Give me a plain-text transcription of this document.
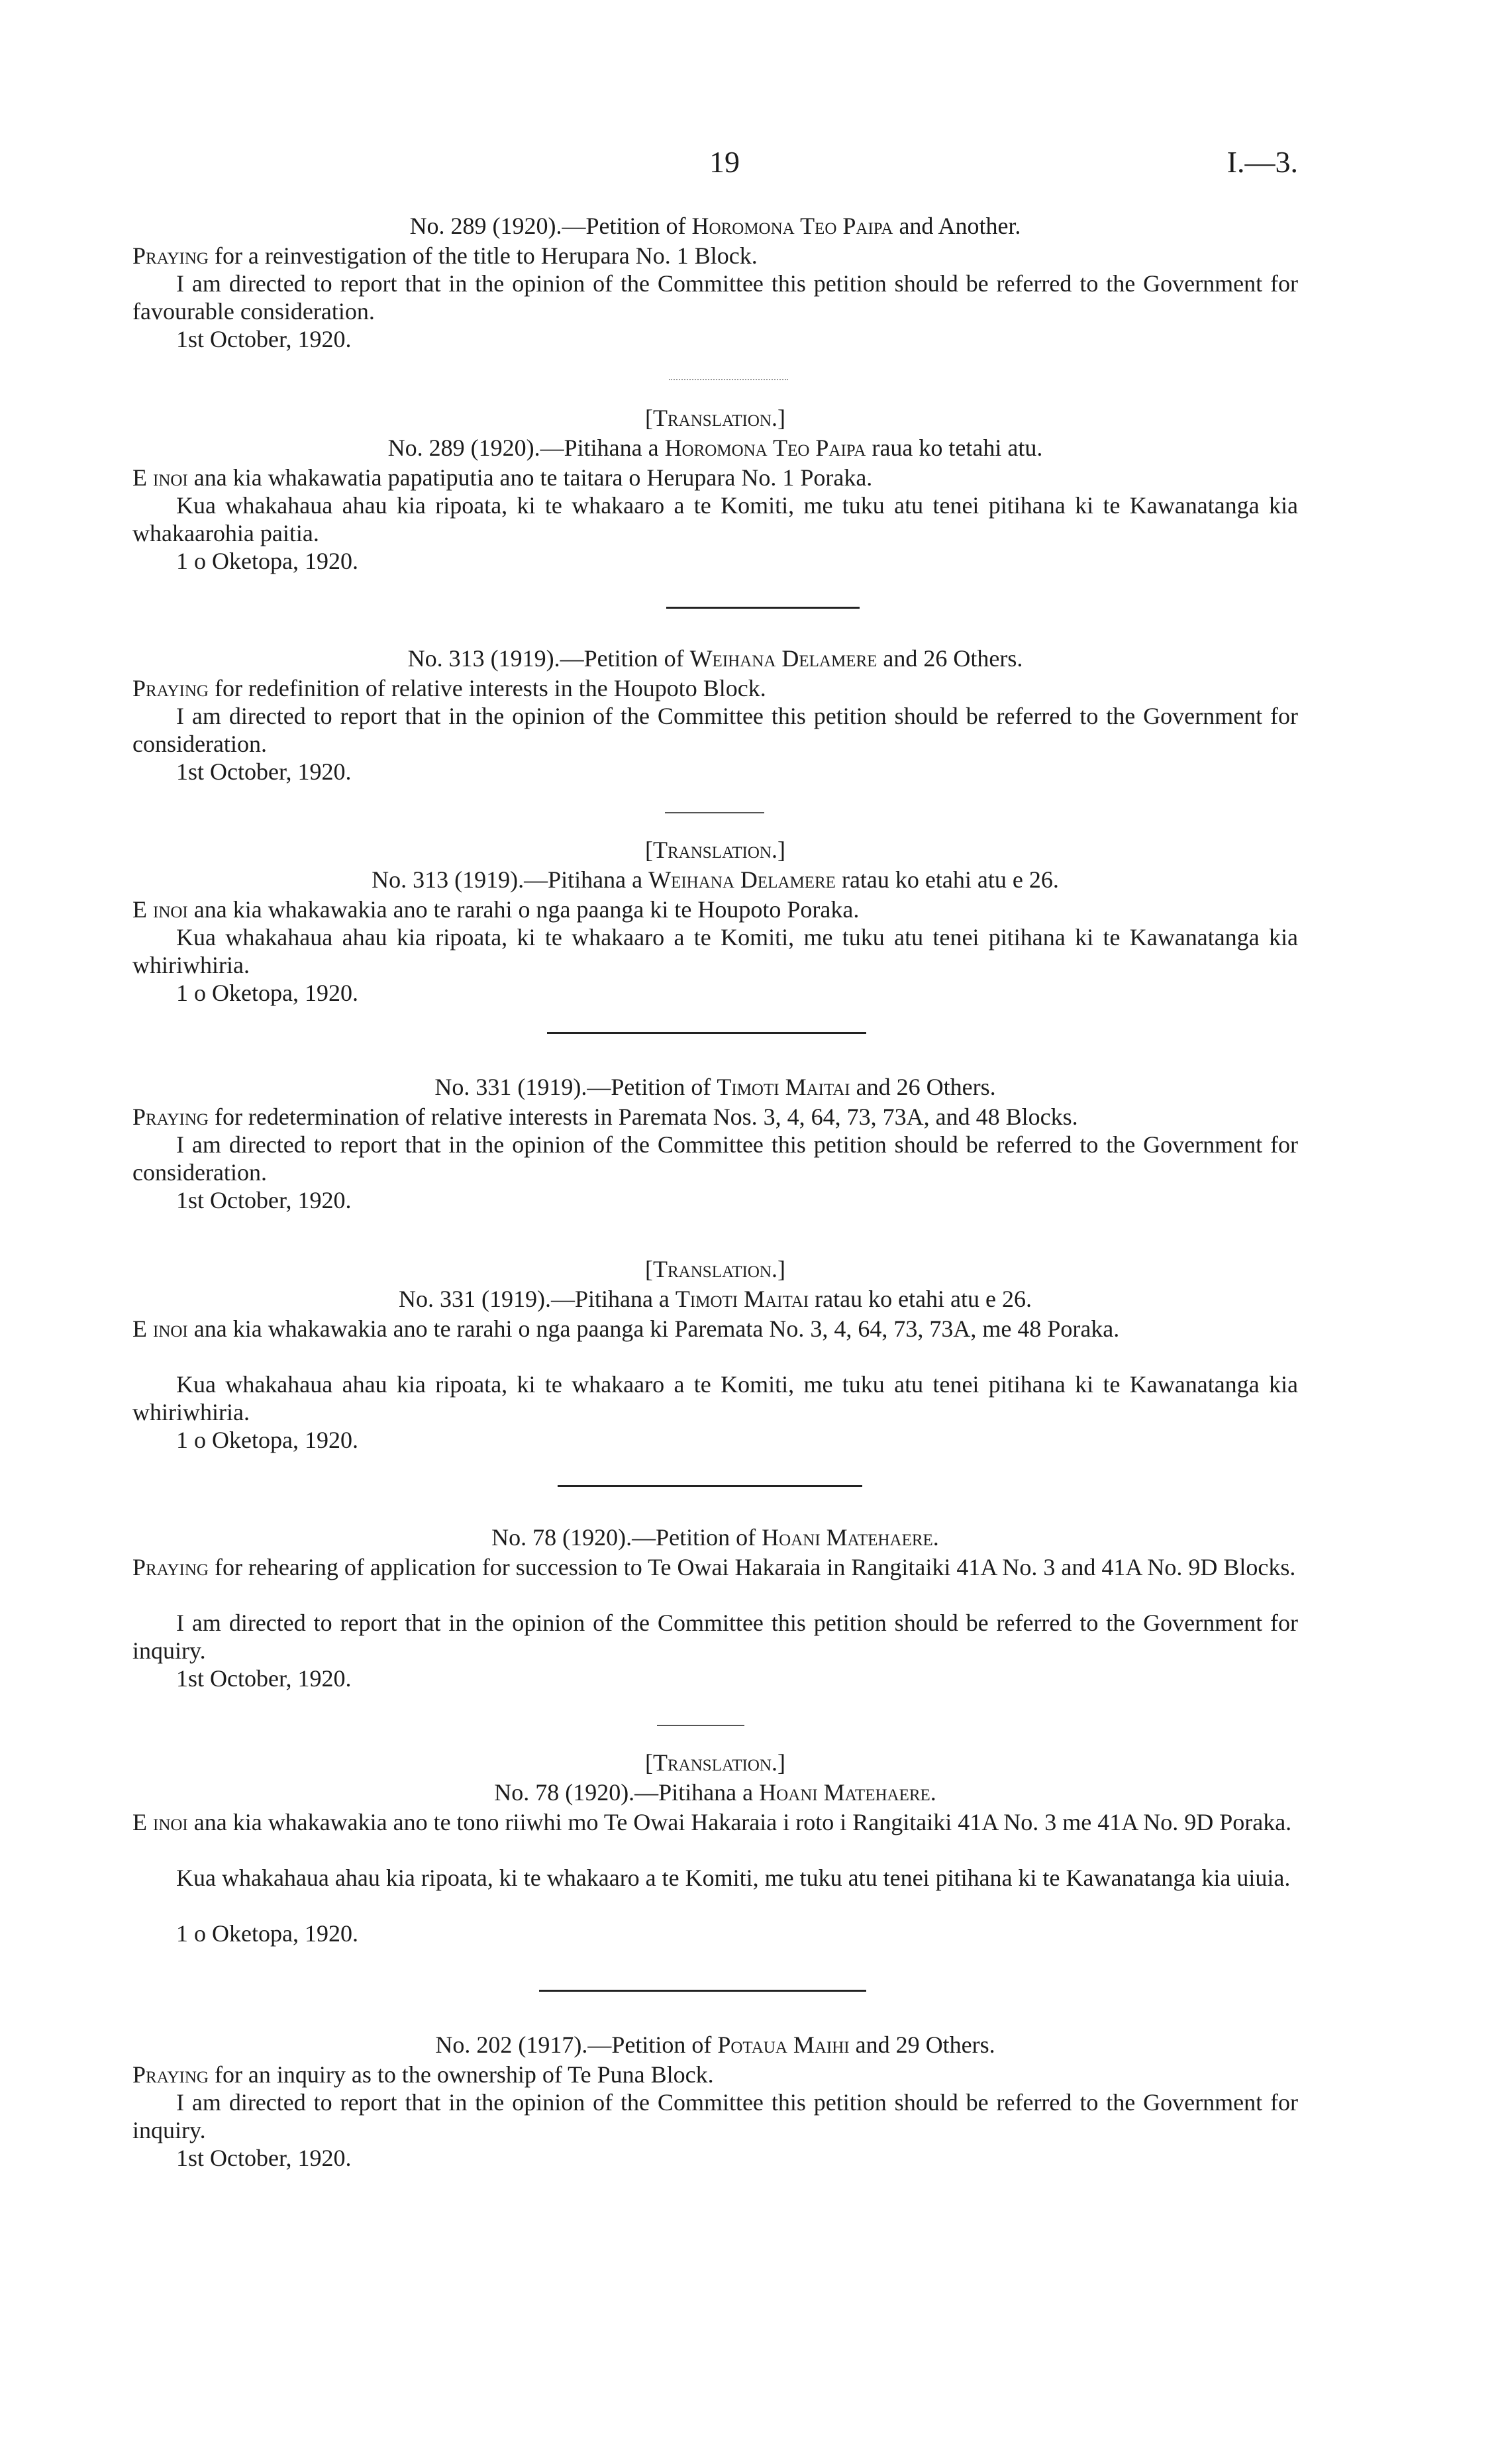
19	I.—3.
No. 289 (1920).—Petition of Horomona Teo Paipa and Another.
Praying for a reinvestigation of the title to Herupara No. 1 Block.
I am directed to report that in the opinion of the Committee this petition should be referred to the Government for favourable consideration.
1st October, 1920.
[Translation.]
No. 289 (1920).—Pitihana a Horomona Teo Paipa raua ko tetahi atu.
E inoi ana kia whakawatia papatiputia ano te taitara o Herupara No. 1 Poraka.
Kua whakahaua ahau kia ripoata, ki te whakaaro a te Komiti, me tuku atu tenei pitihana ki te Kawanatanga kia whakaarohia paitia.
1 o Oketopa, 1920.
No. 313 (1919).—Petition of Weihana Delamere and 26 Others.
Praying for redefinition of relative interests in the Houpoto Block.
I am directed to report that in the opinion of the Committee this petition should be referred to the Government for consideration.
1st October, 1920.
[Translation.]
No. 313 (1919).—Pitihana a Weihana Delamere ratau ko etahi atu e 26.
E inoi ana kia whakawakia ano te rarahi o nga paanga ki te Houpoto Poraka.
Kua whakahaua ahau kia ripoata, ki te whakaaro a te Komiti, me tuku atu tenei pitihana ki te Kawanatanga kia whiriwhiria.
1 o Oketopa, 1920.
No. 331 (1919).—Petition of Timoti Maitai and 26 Others.
Praying for redetermination of relative interests in Paremata Nos. 3, 4, 64, 73, 73A, and 48 Blocks.
I am directed to report that in the opinion of the Committee this petition should be referred to the Government for consideration.
1st October, 1920.
[Translation.]
No. 331 (1919).—Pitihana a Timoti Maitai ratau ko etahi atu e 26.
E inoi ana kia whakawakia ano te rarahi o nga paanga ki Paremata No. 3, 4, 64, 73, 73A, me 48 Poraka.
Kua whakahaua ahau kia ripoata, ki te whakaaro a te Komiti, me tuku atu tenei pitihana ki te Kawanatanga kia whiriwhiria.
1 o Oketopa, 1920.
No. 78 (1920).—Petition of Hoani Matehaere.
Praying for rehearing of application for succession to Te Owai Hakaraia in Rangitaiki 41A No. 3 and 41A No. 9D Blocks.
I am directed to report that in the opinion of the Committee this petition should be referred to the Government for inquiry.
1st October, 1920.
[Translation.]
No. 78 (1920).—Pitihana a Hoani Matehaere.
E inoi ana kia whakawakia ano te tono riiwhi mo Te Owai Hakaraia i roto i Rangitaiki 41A No. 3 me 41A No. 9D Poraka.
Kua whakahaua ahau kia ripoata, ki te whakaaro a te Komiti, me tuku atu tenei pitihana ki te Kawanatanga kia uiuia.
1 o Oketopa, 1920.
No. 202 (1917).—Petition of Potaua Maihi and 29 Others.
Praying for an inquiry as to the ownership of Te Puna Block.
I am directed to report that in the opinion of the Committee this petition should be referred to the Government for inquiry.
1st October, 1920.
